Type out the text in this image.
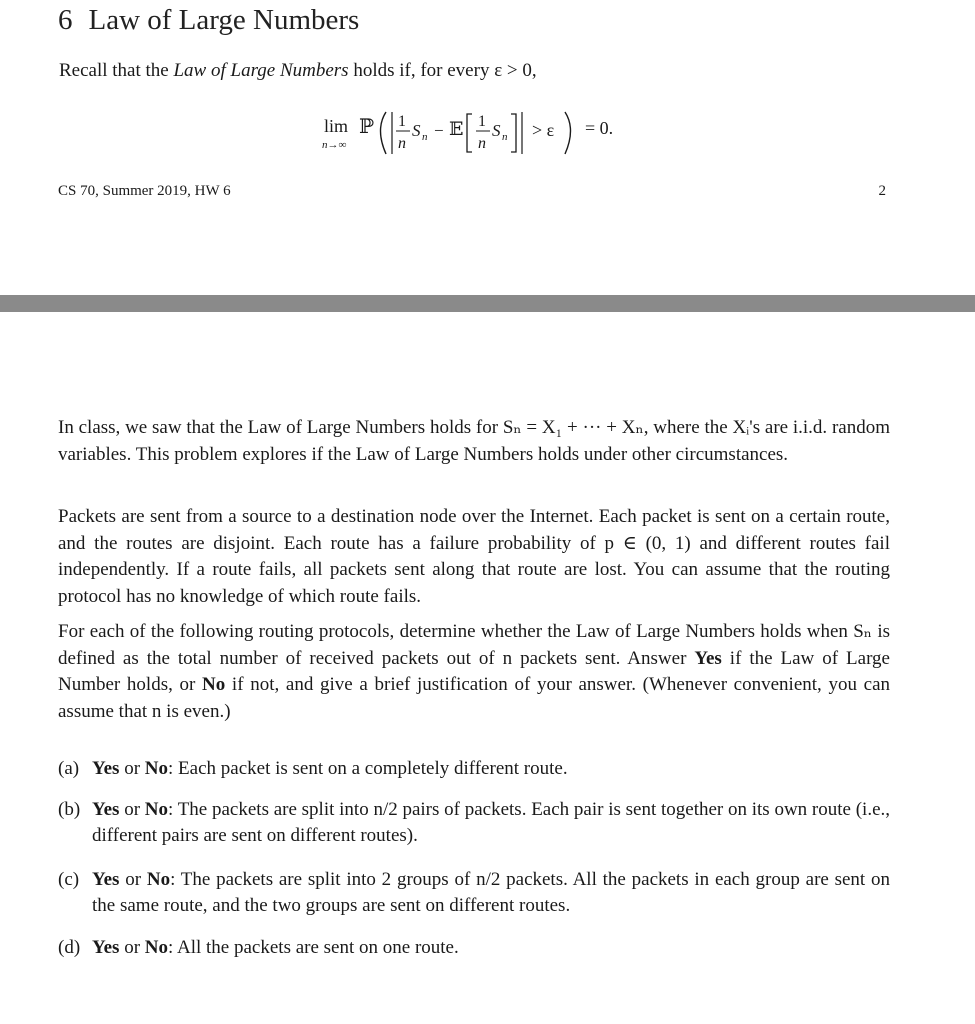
6 Law of Large Numbers
Recall that the Law of Large Numbers holds if, for every ε > 0,
lim
n→∞
ℙ 1
n
S n − 𝔼 1
n
S n > ε = 0.
CS 70, Summer 2019, HW 6	2
In class, we saw that the Law of Large Numbers holds for Sₙ = X₁ + ··· + Xₙ, where the Xᵢ's are i.i.d. random variables. This problem explores if the Law of Large Numbers holds under other circumstances.
Packets are sent from a source to a destination node over the Internet. Each packet is sent on a certain route, and the routes are disjoint. Each route has a failure probability of p ∈ (0, 1) and different routes fail independently. If a route fails, all packets sent along that route are lost. You can assume that the routing protocol has no knowledge of which route fails.
For each of the following routing protocols, determine whether the Law of Large Numbers holds when Sₙ is defined as the total number of received packets out of n packets sent. Answer Yes if the Law of Large Number holds, or No if not, and give a brief justification of your answer. (Whenever convenient, you can assume that n is even.)
(a) Yes or No: Each packet is sent on a completely different route.
(b) Yes or No: The packets are split into n/2 pairs of packets. Each pair is sent together on its own route (i.e., different pairs are sent on different routes).
(c) Yes or No: The packets are split into 2 groups of n/2 packets. All the packets in each group are sent on the same route, and the two groups are sent on different routes.
(d) Yes or No: All the packets are sent on one route.
